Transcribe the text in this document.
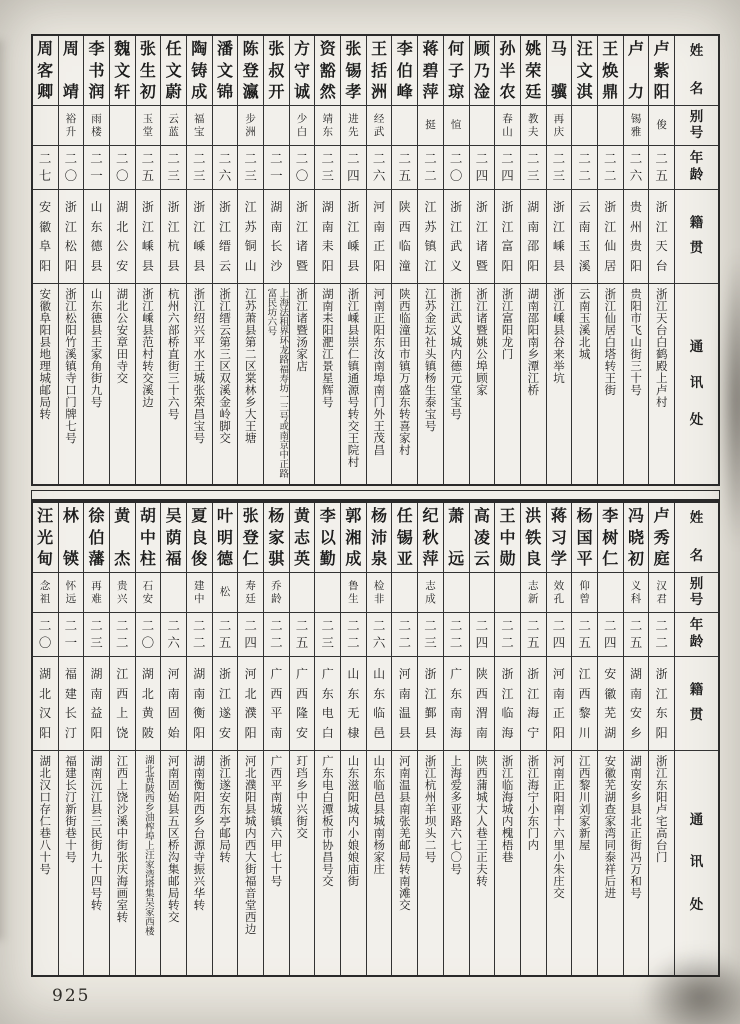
姓
名
别
号
年
龄
籍
贯
通
讯
处
卢
紫
阳
俊
二
五
浙
江
天
台
浙江天台白鹤殿上卢村
卢
力
锡
雅
二
六
贵
州
贵
阳
贵阳市飞山街三十号
王
焕
鼎
二
二
浙
江
仙
居
浙江仙居白塔转王街
汪
文
淇
二
二
云
南
玉
溪
云南玉溪北城
马
骥
再
庆
二
三
浙
江
嵊
县
浙江嵊县谷来举坑
姚
荣
廷
教
夫
二
三
湖
南
邵
阳
湖南邵阳南乡潭江桥
孙
半
农
春
山
二
四
浙
江
富
阳
浙江富阳龙门
顾
乃
淦
二
四
浙
江
诸
暨
浙江诸暨姚公埠顾家
何
子
琼
愃
二
〇
浙
江
武
义
浙江武义城内德元堂宝号
蒋
碧
萍
挺
二
二
江
苏
镇
江
江苏金坛社头镇杨生泰宝号
李
伯
峰
二
五
陕
西
临
潼
陕西临潼田市镇万盛东转喜家村
王
括
洲
经
武
二
六
河
南
正
阳
河南正阳东汝南埠南门外王茂昌
张
锡
孝
进
先
二
四
浙
江
嵊
县
浙江嵊县崇仁镇通源号转交王院村
资
豁
然
靖
东
二
三
湖
南
耒
阳
湖南耒阳淝江景星辉号
方
守
诚
少
白
二
〇
浙
江
诸
暨
浙江诸暨汤家店
张
叔
开
二
一
湖
南
长
沙
上海法租界环龙路福寿坊一三号或南京中正路富民坊六号
陈
登
瀛
步
洲
二
三
江
苏
铜
山
江苏萧县第二区棠林乡大王塘
潘
文
锦
二
六
浙
江
缙
云
浙江缙云第三区双溪金岭脚交
陶
铸
成
福
宝
二
三
浙
江
嵊
县
浙江绍兴平水王城张荣昌宝号
任
文
蔚
云
蓝
二
三
浙
江
杭
县
杭州六部桥直街三十六号
张
生
初
玉
堂
二
五
浙
江
嵊
县
浙江嵊县范村转交溪边
魏
文
轩
二
〇
湖
北
公
安
湖北公安章田寺交
李
书
润
雨
楼
二
一
山
东
德
县
山东德县王家角街九号
周
靖
裕
升
二
〇
浙
江
松
阳
浙江松阳竹溪镇寺口门牌七号
周
客
卿
二
七
安
徽
阜
阳
安徽阜阳县地理城邮局转
姓
名
别
号
年
龄
籍
贯
通
讯
处
卢
秀
庭
汉
君
二
二
浙
江
东
阳
浙江东阳卢宅高台门
冯
晓
初
义
科
二
五
湖
南
安
乡
湖南安乡县北正街冯万和号
李
树
仁
二
四
安
徽
芜
湖
安徽芜湖查家湾同泰祥后进
杨
国
平
仰
曾
二
五
江
西
黎
川
江西黎川刘家新屋
蒋
习
学
效
孔
二
四
河
南
正
阳
河南正阳南十六里小朱庄交
洪
铁
良
志
新
二
五
浙
江
海
宁
浙江海宁小东门内
王
中
勋
二
二
浙
江
临
海
浙江临海城内槐梧巷
高
凌
云
二
四
陕
西
渭
南
陕西蒲城大人巷王正夫转
萧
远
二
二
广
东
南
海
上海爱多亚路六七〇号
纪
秋
萍
志
成
二
三
浙
江
鄞
县
浙江杭州羊坝头二号
任
锡
亚
二
二
河
南
温
县
河南温县南张羌邮局转南滩交
杨
沛
泉
检
非
二
六
山
东
临
邑
山东临邑县城南杨家庄
郭
湘
成
鲁
生
二
二
山
东
无
棣
山东滋阳城内小娘娘庙街
李
以
勤
二
三
广
东
电
白
广东电白潭板市协昌号交
黄
志
英
二
五
广
西
隆
安
玎珰乡中兴街交
杨
家
骐
乔
龄
二
二
广
西
平
南
广西平南城镇六甲七十号
张
登
仁
寿
廷
二
四
河
北
濮
阳
河北濮阳县城内西大街福音堂西边
叶
明
德
松
二
五
浙
江
遂
安
浙江遂安东亭邮局转
夏
良
俊
建
中
二
二
湖
南
衡
阳
湖南衡阳西乡台源寺振兴华转
吴
荫
福
二
六
河
南
固
始
河南固始县五区桥沟集邮局转交
胡
中
柱
石
安
二
〇
湖
北
黄
陂
湖北黄陂西乡油榨埠上汪家湾塔集吴家西楼
黄
杰
贵
兴
二
二
江
西
上
饶
江西上饶沙溪中街张庆海画室转
徐
伯
藩
再
难
二
三
湖
南
益
阳
湖南沅江县三民街九十四号转
林
锳
怀
远
二
一
福
建
长
汀
福建长汀新街巷十号
汪
光
甸
念
祖
二
〇
湖
北
汉
阳
湖北汉口存仁巷八十号
925
